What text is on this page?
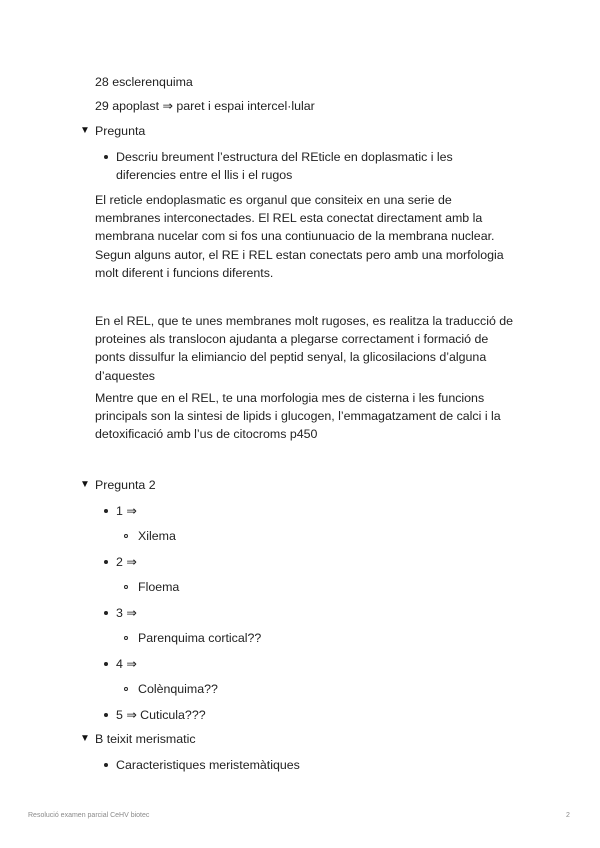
28 esclerenquima
29 apoplast ⇒ paret i espai intercel·lular
▼ Pregunta
Descriu breument l’estructura del REticle en doplasmatic i les
diferencies entre el llis i el rugos
El reticle endoplasmatic es organul que consiteix en una serie de
membranes interconectades. El REL esta conectat directament amb la
membrana nucelar com si fos una contiunuacio de la membrana nuclear.
Segun alguns autor, el RE i REL estan conectats pero amb una morfologia
molt diferent i funcions diferents.
En el REL, que te unes membranes molt rugoses, es realitza la traducció de
proteines als translocon ajudanta a plegarse correctament i formació de
ponts dissulfur la elimiancio del peptid senyal, la glicosilacions d’alguna
d’aquestes
Mentre que en el REL, te una morfologia mes de cisterna i les funcions
principals son la sintesi de lipids i glucogen, l’emmagatzament de calci i la
detoxificació amb l’us de citocroms p450
▼ Pregunta 2
1 ⇒
Xilema
2 ⇒
Floema
3 ⇒
Parenquima cortical??
4 ⇒
Colènquima??
5 ⇒ Cuticula???
▼ B teixit merismatic
Caracteristiques meristemàtiques
Resolució examen parcial CeHV biotec	2
